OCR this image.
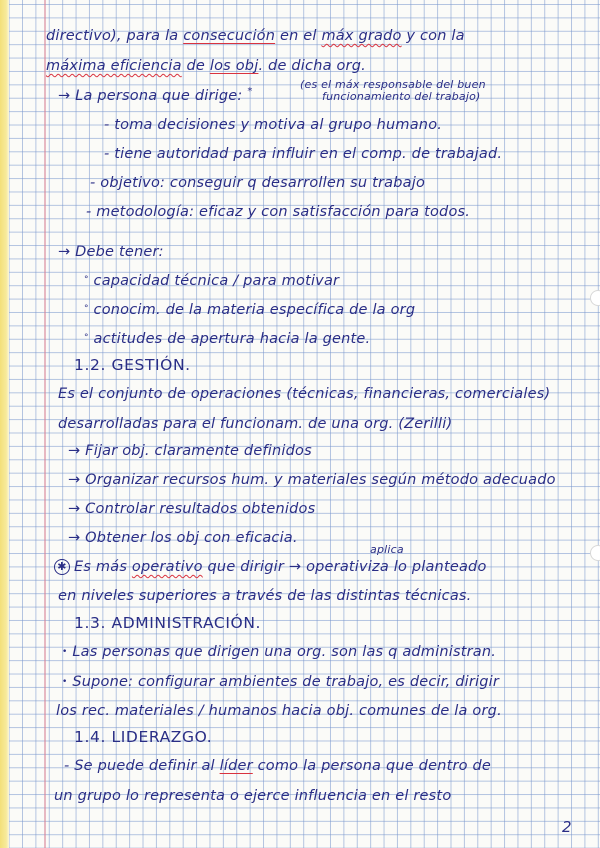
directivo), para la consecución en el máx grado y con la
máxima eficiencia de los obj. de dicha org.
→ La persona que dirige: *
(es el máx responsable del buen
funcionamiento del trabajo)
- toma decisiones y motiva al grupo humano.
- tiene autoridad para influir en el comp. de trabajad.
- objetivo: conseguir q desarrollen su trabajo
- metodología: eficaz y con satisfacción para todos.
→ Debe tener:
° capacidad técnica / para motivar
° conocim. de la materia específica de la org
° actitudes de apertura hacia la gente.
1.2. GESTIÓN.
Es el conjunto de operaciones (técnicas, financieras, comerciales)
desarrolladas para el funcionam. de una org. (Zerilli)
→ Fijar obj. claramente definidos
→ Organizar recursos hum. y materiales según método adecuado
→ Controlar resultados obtenidos
→ Obtener los obj con eficacia.
aplica
✱ Es más operativo que dirigir → operativiza lo planteado
en niveles superiores a través de las distintas técnicas.
1.3. ADMINISTRACIÓN.
• Las personas que dirigen una org. son las q administran.
• Supone: configurar ambientes de trabajo, es decir, dirigir
los rec. materiales / humanos hacia obj. comunes de la org.
1.4. LIDERAZGO.
- Se puede definir al líder como la persona que dentro de
un grupo lo representa o ejerce influencia en el resto
2
